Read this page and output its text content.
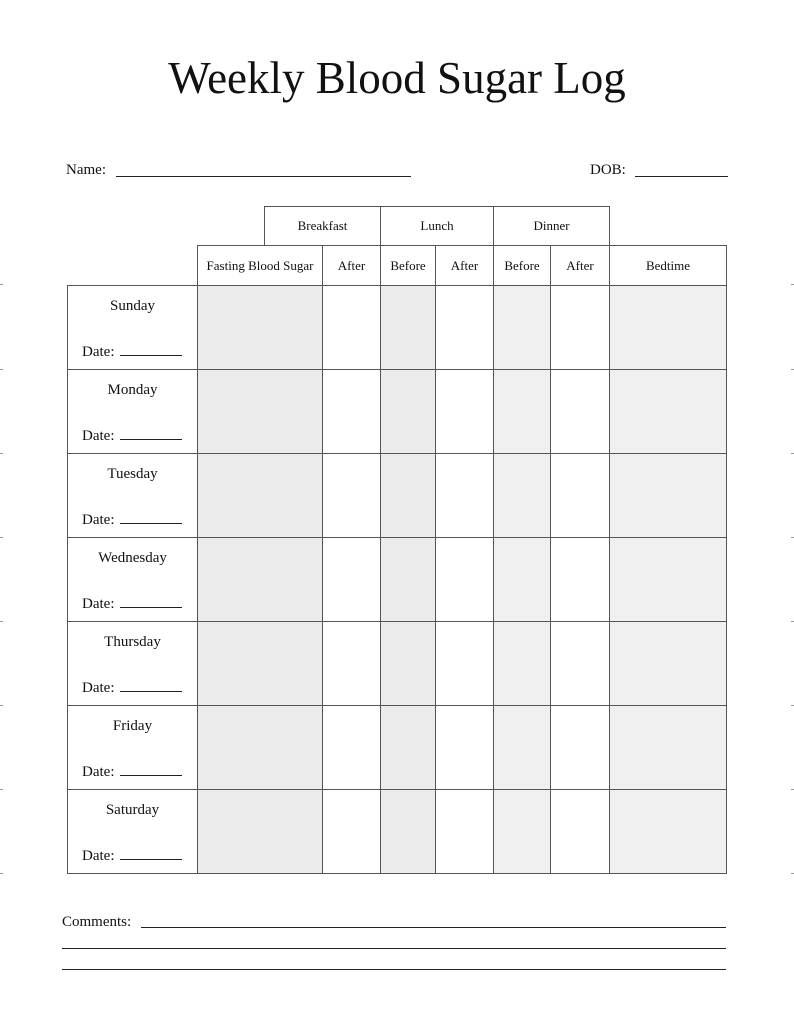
Weekly Blood Sugar Log
Name:	DOB:
		Breakfast		Lunch		Dinner		
	Fasting Blood Sugar		After	Before	After	Before	After	Bedtime

Sunday
Date:								

Monday
Date:								

Tuesday
Date:								

Wednesday
Date:								

Thursday
Date:								

Friday
Date:								

Saturday
Date:								

Comments:
